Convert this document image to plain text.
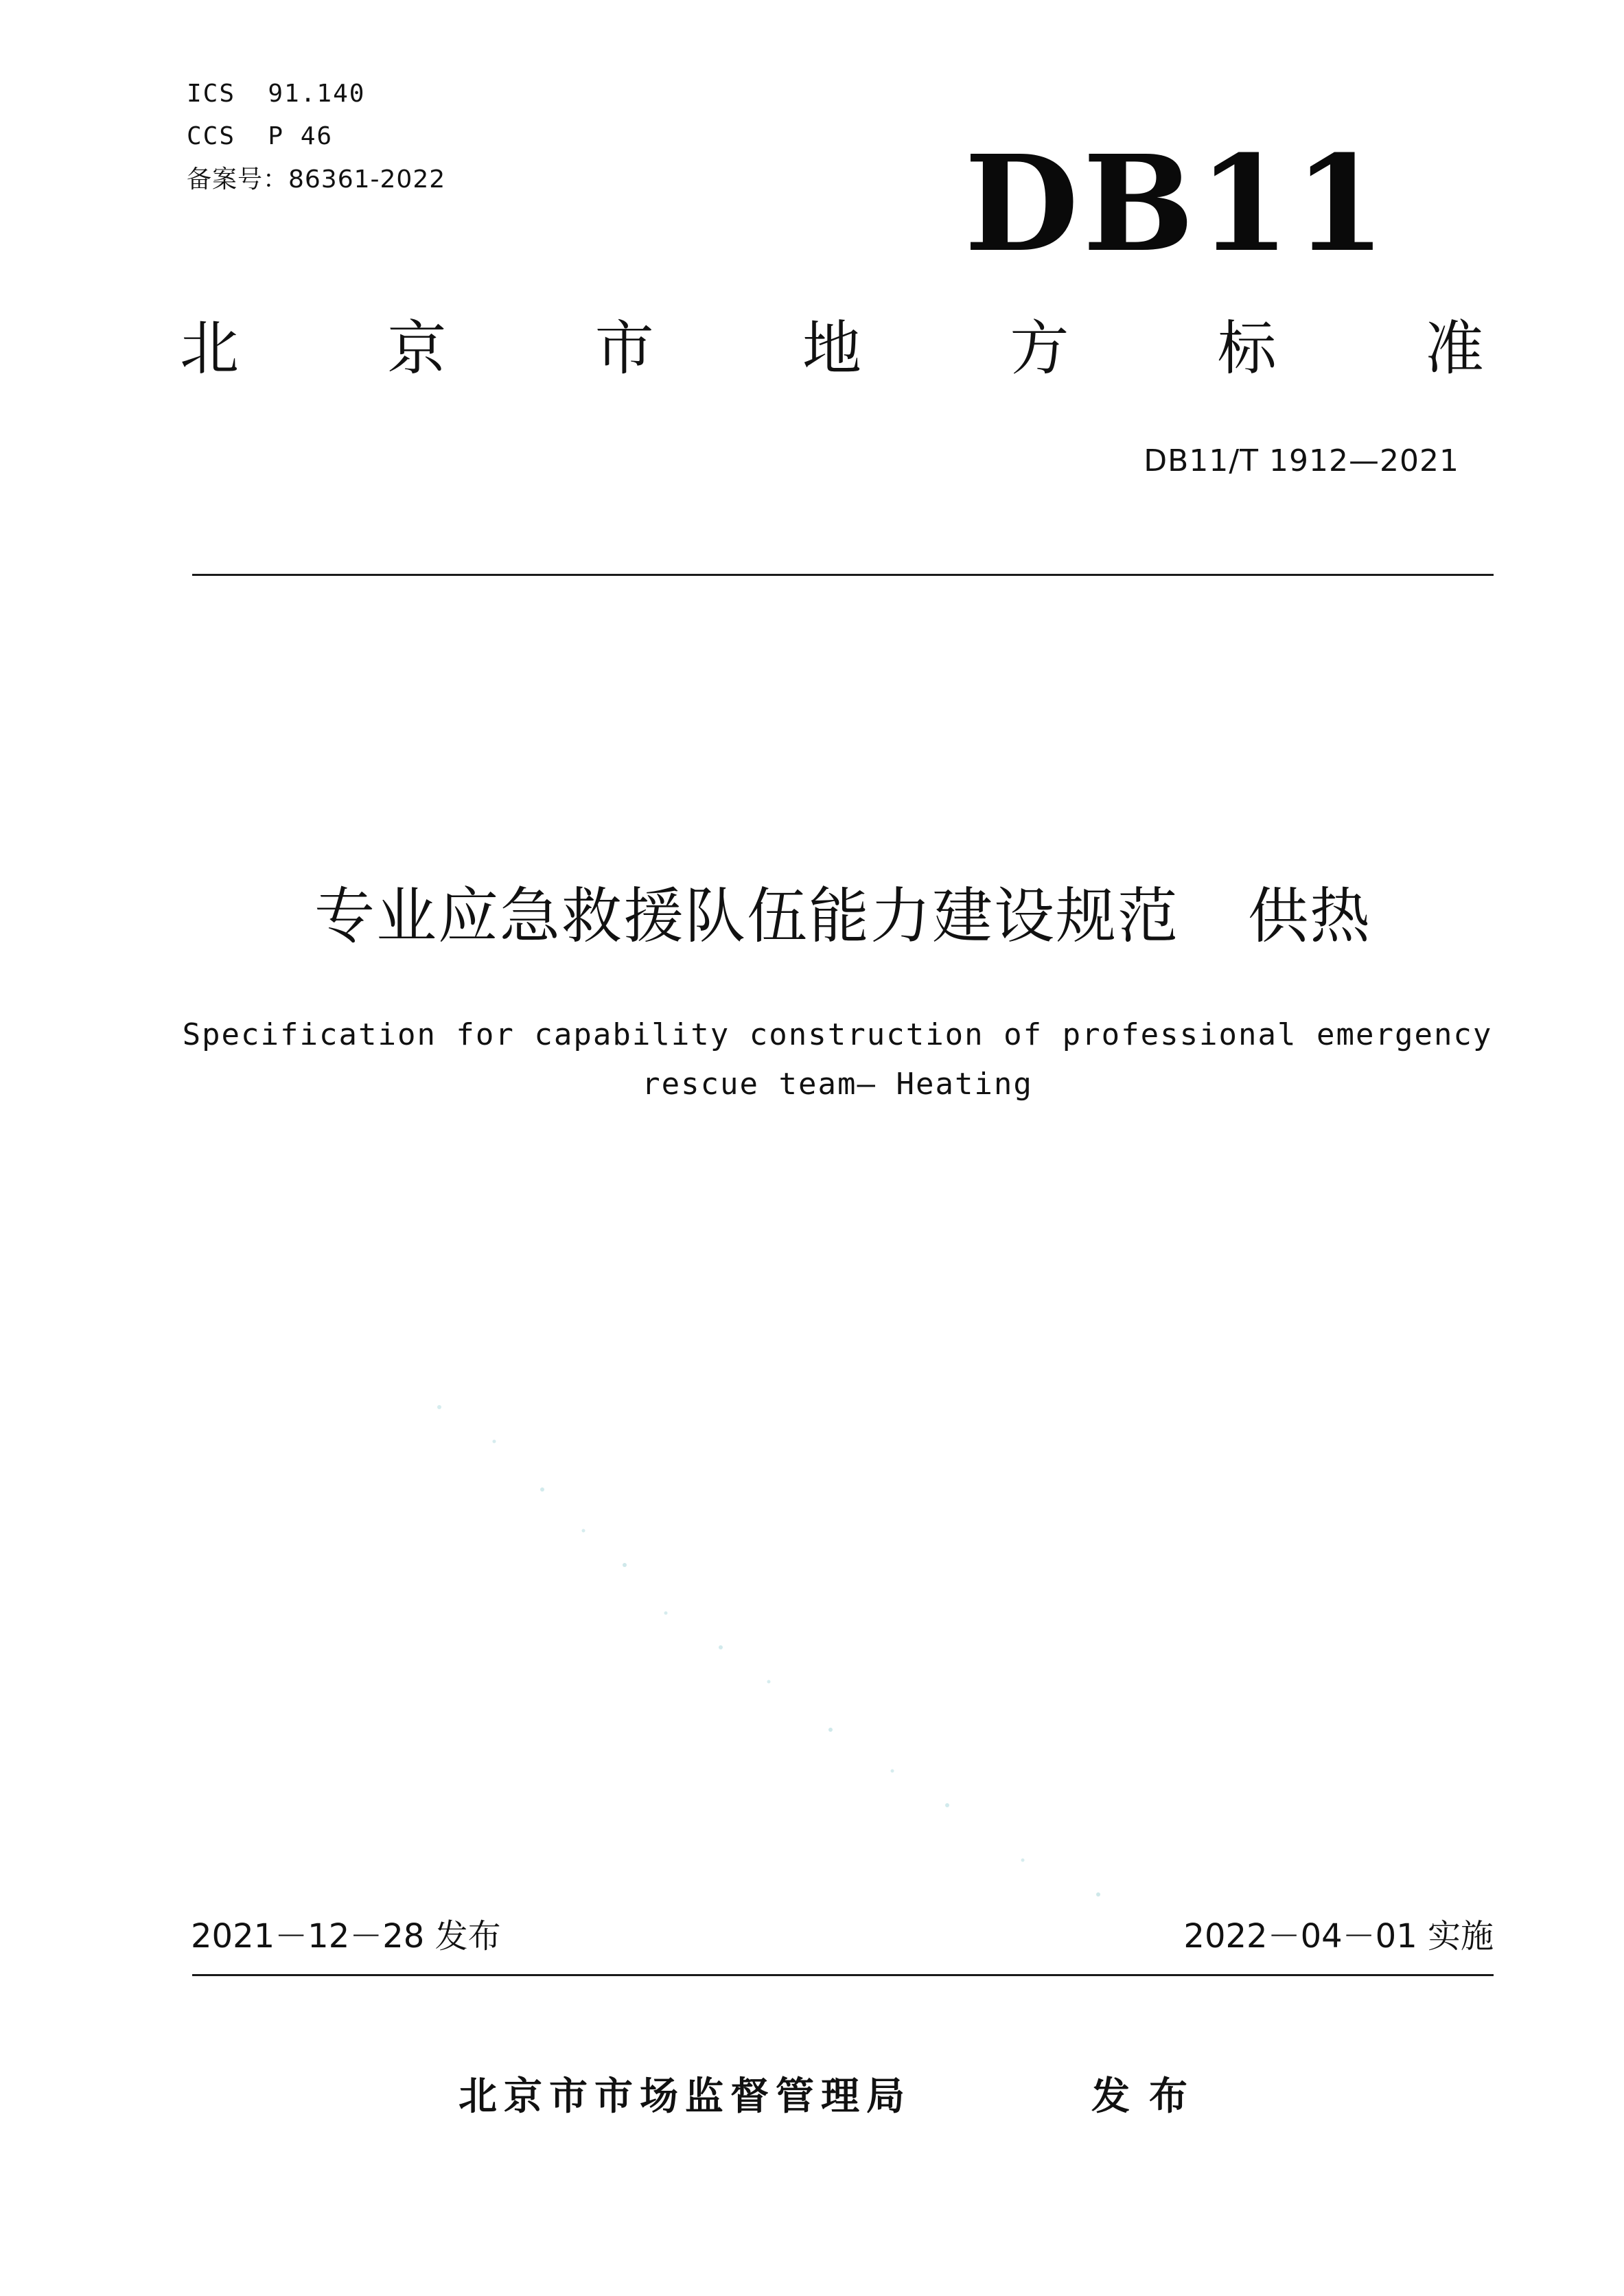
ICS  91.140
CCS  P 46
备案号：86361-2022	DB11
北	京	市	地	方	标	准
DB11/T 1912—2021
专业应急救援队伍能力建设规范 供热
Specification for capability construction of professional emergency
rescue team— Heating
2021－12－28 发布	2022－04－01 实施
北京市市场监督管理局	发布
